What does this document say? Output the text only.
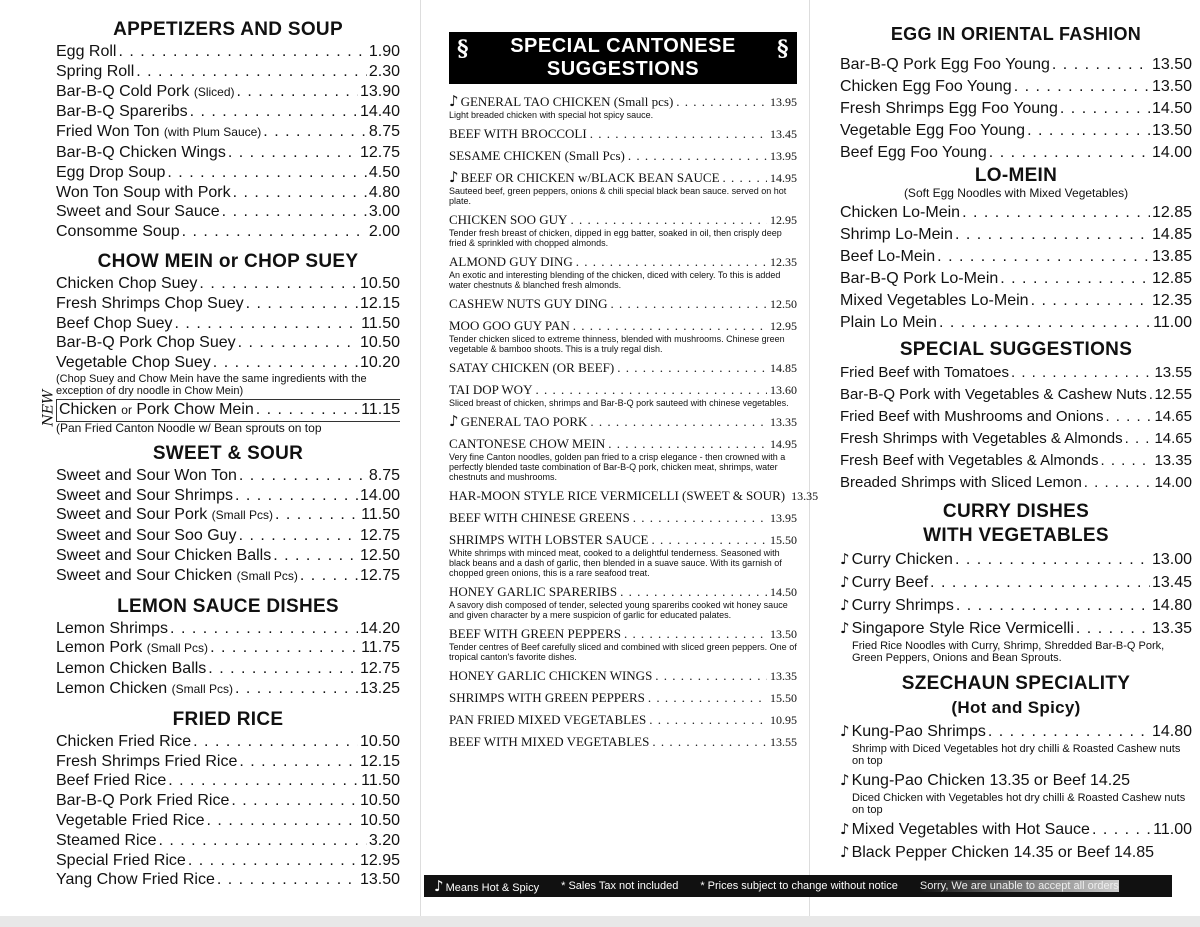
APPETIZERS AND SOUP
Egg Roll . . .	1.90
Spring Roll . . .	2.30
Bar-B-Q Cold Pork (Sliced) . . .	13.90
Bar-B-Q Spareribs . . .	14.40
Fried Won Ton (with Plum Sauce) . . .	8.75
Bar-B-Q Chicken Wings . . .	12.75
Egg Drop Soup . . .	4.50
Won Ton Soup with Pork . . .	4.80
Sweet and Sour Sauce . . .	3.00
Consomme Soup . . .	2.00
CHOW MEIN or CHOP SUEY
Chicken Chop Suey . . .	10.50
Fresh Shrimps Chop Suey . . .	12.15
Beef Chop Suey . . .	11.50
Bar-B-Q Pork Chop Suey . . .	10.50
Vegetable Chop Suey . . .	10.20

(Chop Suey and Chow Mein have the same ingredients with the exception of dry noodle in Chow Mein)

NEW Chicken or Pork Chow Mein . . .	11.15

(Pan Fried Canton Noodle w/ Bean sprouts on top

SWEET & SOUR
Sweet and Sour Won Ton . . .	8.75
Sweet and Sour Shrimps . . .	14.00
Sweet and Sour Pork (Small Pcs) . . .	11.50
Sweet and Sour Soo Guy . . .	12.75
Sweet and Sour Chicken Balls . . .	12.50
Sweet and Sour Chicken (Small Pcs) . . .	12.75
LEMON SAUCE DISHES
Lemon Shrimps . . .	14.20
Lemon Pork (Small Pcs) . . .	11.75
Lemon Chicken Balls . . .	12.75
Lemon Chicken (Small Pcs) . . .	13.25
FRIED RICE
Chicken Fried Rice . . .	10.50
Fresh Shrimps Fried Rice . . .	12.15
Beef Fried Rice . . .	11.50
Bar-B-Q Pork Fried Rice . . .	10.50
Vegetable Fried Rice . . .	10.50
Steamed Rice . . .	3.20
Special Fried Rice . . .	12.95
Yang Chow Fried Rice . . .	13.50
§	SPECIAL CANTONESE
SUGGESTIONS
§
♪ GENERAL TAO CHICKEN (Small pcs) . . .	13.95

Light breaded chicken with special hot spicy sauce.

BEEF WITH BROCCOLI . . .	13.45
SESAME CHICKEN (Small Pcs) . . .	13.95
♪ BEEF OR CHICKEN w/BLACK BEAN SAUCE . . .	14.95

Sauteed beef, green peppers, onions & chili special black bean sauce. served on hot plate.

CHICKEN SOO GUY . . .	12.95

Tender fresh breast of chicken, dipped in egg batter, soaked in oil, then crisply deep fried & sprinkled with chopped almonds.

ALMOND GUY DING . . .	12.35

An exotic and interesting blending of the chicken, diced with celery. To this is added water chestnuts & blanched fresh almonds.

CASHEW NUTS GUY DING . . .	12.50
MOO GOO GUY PAN . . .	12.95

Tender chicken sliced to extreme thinness, blended with mushrooms. Chinese green vegetable & bamboo shoots. This is a truly regal dish.

SATAY CHICKEN (OR BEEF) . . .	14.85
TAI DOP WOY . . .	13.60

Sliced breast of chicken, shrimps and Bar-B-Q pork sauteed with chinese vegetables.

♪ GENERAL TAO PORK . . .	13.35
CANTONESE CHOW MEIN . . .	14.95

Very fine Canton noodles, golden pan fried to a crisp elegance - then crowned with a perfectly blended taste combination of Bar-B-Q pork, chicken meat, shrimps, water chestnuts and mushrooms.

HAR-MOON STYLE RICE VERMICELLI (SWEET & SOUR) 13.35
BEEF WITH CHINESE GREENS . . .	13.95
SHRIMPS WITH LOBSTER SAUCE . . .	15.50

White shrimps with minced meat, cooked to a delightful tenderness. Seasoned with black beans and a dash of garlic, then blended in a suave sauce. With its garnish of chopped green onions, this is a rare seafood treat.

HONEY GARLIC SPARERIBS . . .	14.50

A savory dish composed of tender, selected young spareribs cooked wit honey sauce and given character by a mere suspicion of garlic for educated palates.

BEEF WITH GREEN PEPPERS . . .	13.50

Tender centres of Beef carefully sliced and combined with sliced green peppers. One of tropical canton's favorite dishes.

HONEY GARLIC CHICKEN WINGS . . .	13.35
SHRIMPS WITH GREEN PEPPERS . . .	15.50
PAN FRIED MIXED VEGETABLES . . .	10.95
BEEF WITH MIXED VEGETABLES . . .	13.55
EGG IN ORIENTAL FASHION
Bar-B-Q Pork Egg Foo Young . . .	13.50
Chicken Egg Foo Young . . .	13.50
Fresh Shrimps Egg Foo Young . . .	14.50
Vegetable Egg Foo Young . . .	13.50
Beef Egg Foo Young . . .	14.00
LO-MEIN

(Soft Egg Noodles with Mixed Vegetables)

Chicken Lo-Mein . . .	12.85
Shrimp Lo-Mein . . .	14.85
Beef Lo-Mein . . .	13.85
Bar-B-Q Pork Lo-Mein . . .	12.85
Mixed Vegetables Lo-Mein . . .	12.35
Plain Lo Mein . . .	11.00
SPECIAL SUGGESTIONS
Fried Beef with Tomatoes . . .	13.55
Bar-B-Q Pork with Vegetables & Cashew Nuts . . . 12.55
Fried Beef with Mushrooms and Onions . . .	14.65
Fresh Shrimps with Vegetables & Almonds . . . 14.65
Fresh Beef with Vegetables & Almonds . . .	13.35
Breaded Shrimps with Sliced Lemon . . .	14.00
CURRY DISHES
WITH VEGETABLES
♪ Curry Chicken . . .	13.00
♪ Curry Beef . . .	13.45
♪ Curry Shrimps . . .	14.80
♪ Singapore Style Rice Vermicelli . . .	13.35

Fried Rice Noodles with Curry, Shrimp, Shredded Bar-B-Q Pork, Green Peppers, Onions and Bean Sprouts.

SZECHAUN SPECIALITY
(Hot and Spicy)
♪ Kung-Pao Shrimps . . .	14.80

Shrimp with Diced Vegetables hot dry chilli & Roasted Cashew nuts on top

♪ Kung-Pao Chicken 13.35 or Beef 14.25

Diced Chicken with Vegetables hot dry chilli & Roasted Cashew nuts on top

♪ Mixed Vegetables with Hot Sauce . . .	11.00
♪ Black Pepper Chicken 14.35 or Beef 14.85
♪ Means Hot & Spicy * Sales Tax not included * Prices subject to change without notice Sorry, We are unable to accept all orders
